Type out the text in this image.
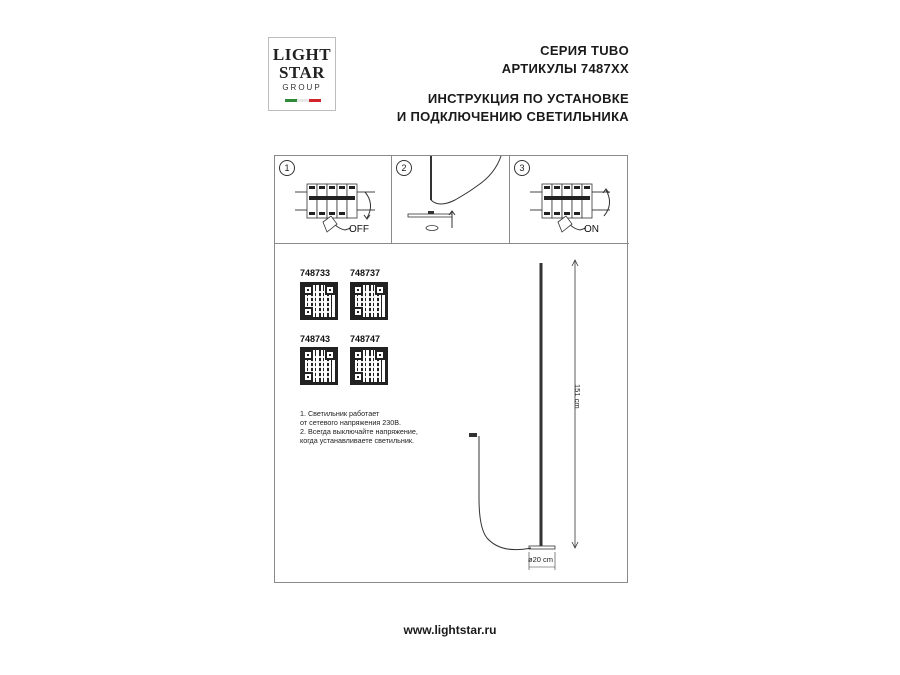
LIGHT
STAR
GROUP
СЕРИЯ TUBO
АРТИКУЛЫ 7487ХХ
ИНСТРУКЦИЯ ПО УСТАНОВКЕ
И ПОДКЛЮЧЕНИЮ СВЕТИЛЬНИКА
1
OFF
2	3
ON
151 cm
ø20 cm
748733 748737
748743 748747
1. Светильник работает
от сетевого напряжения 230В.
2. Всегда выключайте напряжение,
когда устанавливаете светильник.
www.lightstar.ru
